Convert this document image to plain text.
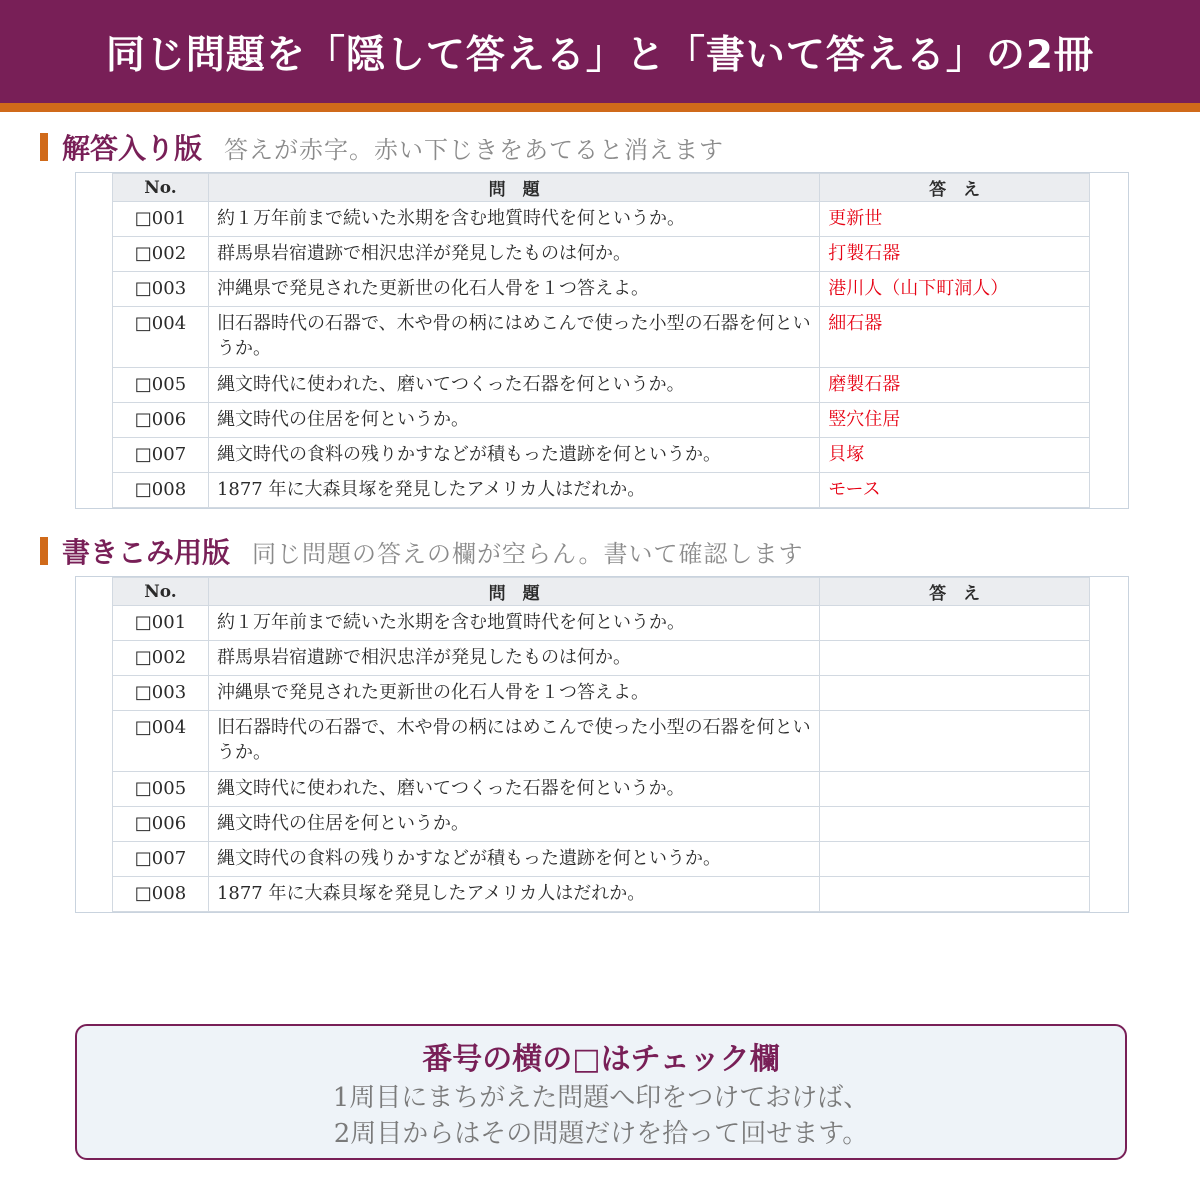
同じ問題を「隠して答える」と「書いて答える」の2冊
解答入り版 答えが赤字。赤い下じきをあてると消えます
No.	問　題	答　え
□001	約１万年前まで続いた氷期を含む地質時代を何というか。	更新世
□002	群馬県岩宿遺跡で相沢忠洋が発見したものは何か。	打製石器
□003	沖縄県で発見された更新世の化石人骨を１つ答えよ。	港川人（山下町洞人）
□004	旧石器時代の石器で、木や骨の柄にはめこんで使った小型の石器を何というか。	細石器
□005	縄文時代に使われた、磨いてつくった石器を何というか。	磨製石器
□006	縄文時代の住居を何というか。	竪穴住居
□007	縄文時代の食料の残りかすなどが積もった遺跡を何というか。	貝塚
□008	1877 年に大森貝塚を発見したアメリカ人はだれか。	モース
書きこみ用版 同じ問題の答えの欄が空らん。書いて確認します
No.	問　題	答　え
□001	約１万年前まで続いた氷期を含む地質時代を何というか。	
□002	群馬県岩宿遺跡で相沢忠洋が発見したものは何か。	
□003	沖縄県で発見された更新世の化石人骨を１つ答えよ。	
□004	旧石器時代の石器で、木や骨の柄にはめこんで使った小型の石器を何というか。	
□005	縄文時代に使われた、磨いてつくった石器を何というか。	
□006	縄文時代の住居を何というか。	
□007	縄文時代の食料の残りかすなどが積もった遺跡を何というか。	
□008	1877 年に大森貝塚を発見したアメリカ人はだれか。	
番号の横の□はチェック欄
1周目にまちがえた問題へ印をつけておけば、
2周目からはその問題だけを拾って回せます。
